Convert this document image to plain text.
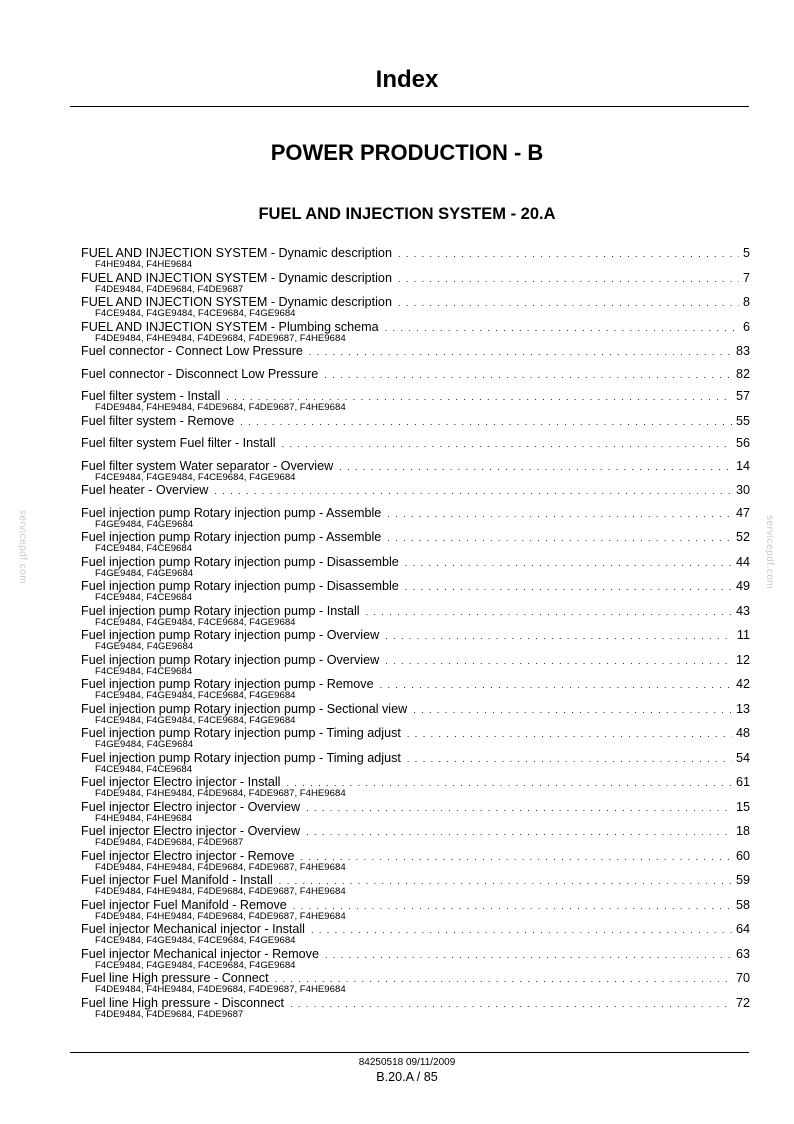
Index
POWER PRODUCTION - B
FUEL AND INJECTION SYSTEM - 20.A
servicepdf.com	servicepdf.com
FUEL AND INJECTION SYSTEM - Dynamic description . . .	5
F4HE9484, F4HE9684
FUEL AND INJECTION SYSTEM - Dynamic description . . .	7
F4DE9484, F4DE9684, F4DE9687
FUEL AND INJECTION SYSTEM - Dynamic description . . .	8
F4CE9484, F4GE9484, F4CE9684, F4GE9684
FUEL AND INJECTION SYSTEM - Plumbing schema . . .	6
F4DE9484, F4HE9484, F4DE9684, F4DE9687, F4HE9684
Fuel connector - Connect Low Pressure . . .	83
Fuel connector - Disconnect Low Pressure . . .	82
Fuel filter system - Install . . .	57
F4DE9484, F4HE9484, F4DE9684, F4DE9687, F4HE9684
Fuel filter system - Remove . . .	55
Fuel filter system Fuel filter - Install . . .	56
Fuel filter system Water separator - Overview . . .	14
F4CE9484, F4GE9484, F4CE9684, F4GE9684
Fuel heater - Overview . . .	30
Fuel injection pump Rotary injection pump - Assemble . . .	47
F4GE9484, F4GE9684
Fuel injection pump Rotary injection pump - Assemble . . .	52
F4CE9484, F4CE9684
Fuel injection pump Rotary injection pump - Disassemble . . .	44
F4GE9484, F4GE9684
Fuel injection pump Rotary injection pump - Disassemble . . .	49
F4CE9484, F4CE9684
Fuel injection pump Rotary injection pump - Install . . .	43
F4CE9484, F4GE9484, F4CE9684, F4GE9684
Fuel injection pump Rotary injection pump - Overview . . .	11
F4GE9484, F4GE9684
Fuel injection pump Rotary injection pump - Overview . . .	12
F4CE9484, F4CE9684
Fuel injection pump Rotary injection pump - Remove . . .	42
F4CE9484, F4GE9484, F4CE9684, F4GE9684
Fuel injection pump Rotary injection pump - Sectional view . . .	13
F4CE9484, F4GE9484, F4CE9684, F4GE9684
Fuel injection pump Rotary injection pump - Timing adjust . . .	48
F4GE9484, F4GE9684
Fuel injection pump Rotary injection pump - Timing adjust . . .	54
F4CE9484, F4CE9684
Fuel injector Electro injector - Install . . .	61
F4DE9484, F4HE9484, F4DE9684, F4DE9687, F4HE9684
Fuel injector Electro injector - Overview . . .	15
F4HE9484, F4HE9684
Fuel injector Electro injector - Overview . . .	18
F4DE9484, F4DE9684, F4DE9687
Fuel injector Electro injector - Remove . . .	60
F4DE9484, F4HE9484, F4DE9684, F4DE9687, F4HE9684
Fuel injector Fuel Manifold - Install . . .	59
F4DE9484, F4HE9484, F4DE9684, F4DE9687, F4HE9684
Fuel injector Fuel Manifold - Remove . . .	58
F4DE9484, F4HE9484, F4DE9684, F4DE9687, F4HE9684
Fuel injector Mechanical injector - Install . . .	64
F4CE9484, F4GE9484, F4CE9684, F4GE9684
Fuel injector Mechanical injector - Remove . . .	63
F4CE9484, F4GE9484, F4CE9684, F4GE9684
Fuel line High pressure - Connect . . .	70
F4DE9484, F4HE9484, F4DE9684, F4DE9687, F4HE9684
Fuel line High pressure - Disconnect . . .	72
F4DE9484, F4DE9684, F4DE9687
84250518 09/11/2009
B.20.A / 85
